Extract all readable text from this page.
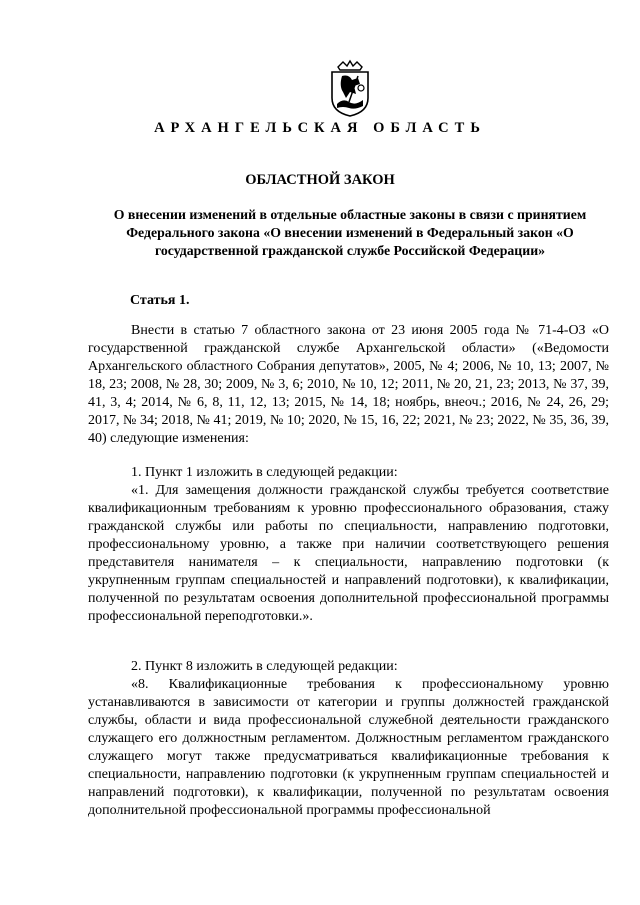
АРХАНГЕЛЬСКАЯ ОБЛАСТЬ
ОБЛАСТНОЙ ЗАКОН
О внесении изменений в отдельные областные законы в связи с принятием Федерального закона «О внесении изменений в Федеральный закон «О государственной гражданской службе Российской Федерации»
Статья 1.

Внести в статью 7 областного закона от 23 июня 2005 года № 71-4-ОЗ «О государственной гражданской службе Архангельской области» («Ведомости Архангельского областного Собрания депутатов», 2005, № 4; 2006, № 10, 13; 2007, № 18, 23; 2008, № 28, 30; 2009, № 3, 6; 2010, № 10, 12; 2011, № 20, 21, 23; 2013, № 37, 39, 41, 3, 4; 2014, № 6, 8, 11, 12, 13; 2015, № 14, 18; ноябрь, внеоч.; 2016, № 24, 26, 29; 2017, № 34; 2018, № 41; 2019, № 10; 2020, № 15, 16, 22; 2021, № 23; 2022, № 35, 36, 39, 40) следующие изменения:

1. Пункт 1 изложить в следующей редакции:

«1. Для замещения должности гражданской службы требуется соответствие квалификационным требованиям к уровню профессионального образования, стажу гражданской службы или работы по специальности, направлению подготовки, профессиональному уровню, а также при наличии соответствующего решения представителя нанимателя – к специальности, направлению подготовки (к укрупненным группам специальностей и направлений подготовки), к квалификации, полученной по результатам освоения дополнительной профессиональной программы профессиональной переподготовки.».

2. Пункт 8 изложить в следующей редакции:

«8. Квалификационные требования к профессиональному уровню устанавливаются в зависимости от категории и группы должностей гражданской службы, области и вида профессиональной служебной деятельности гражданского служащего его должностным регламентом. Должностным регламентом гражданского служащего могут также предусматриваться квалификационные требования к специальности, направлению подготовки (к укрупненным группам специальностей и направлений подготовки), к квалификации, полученной по результатам освоения дополнительной профессиональной программы профессиональной
